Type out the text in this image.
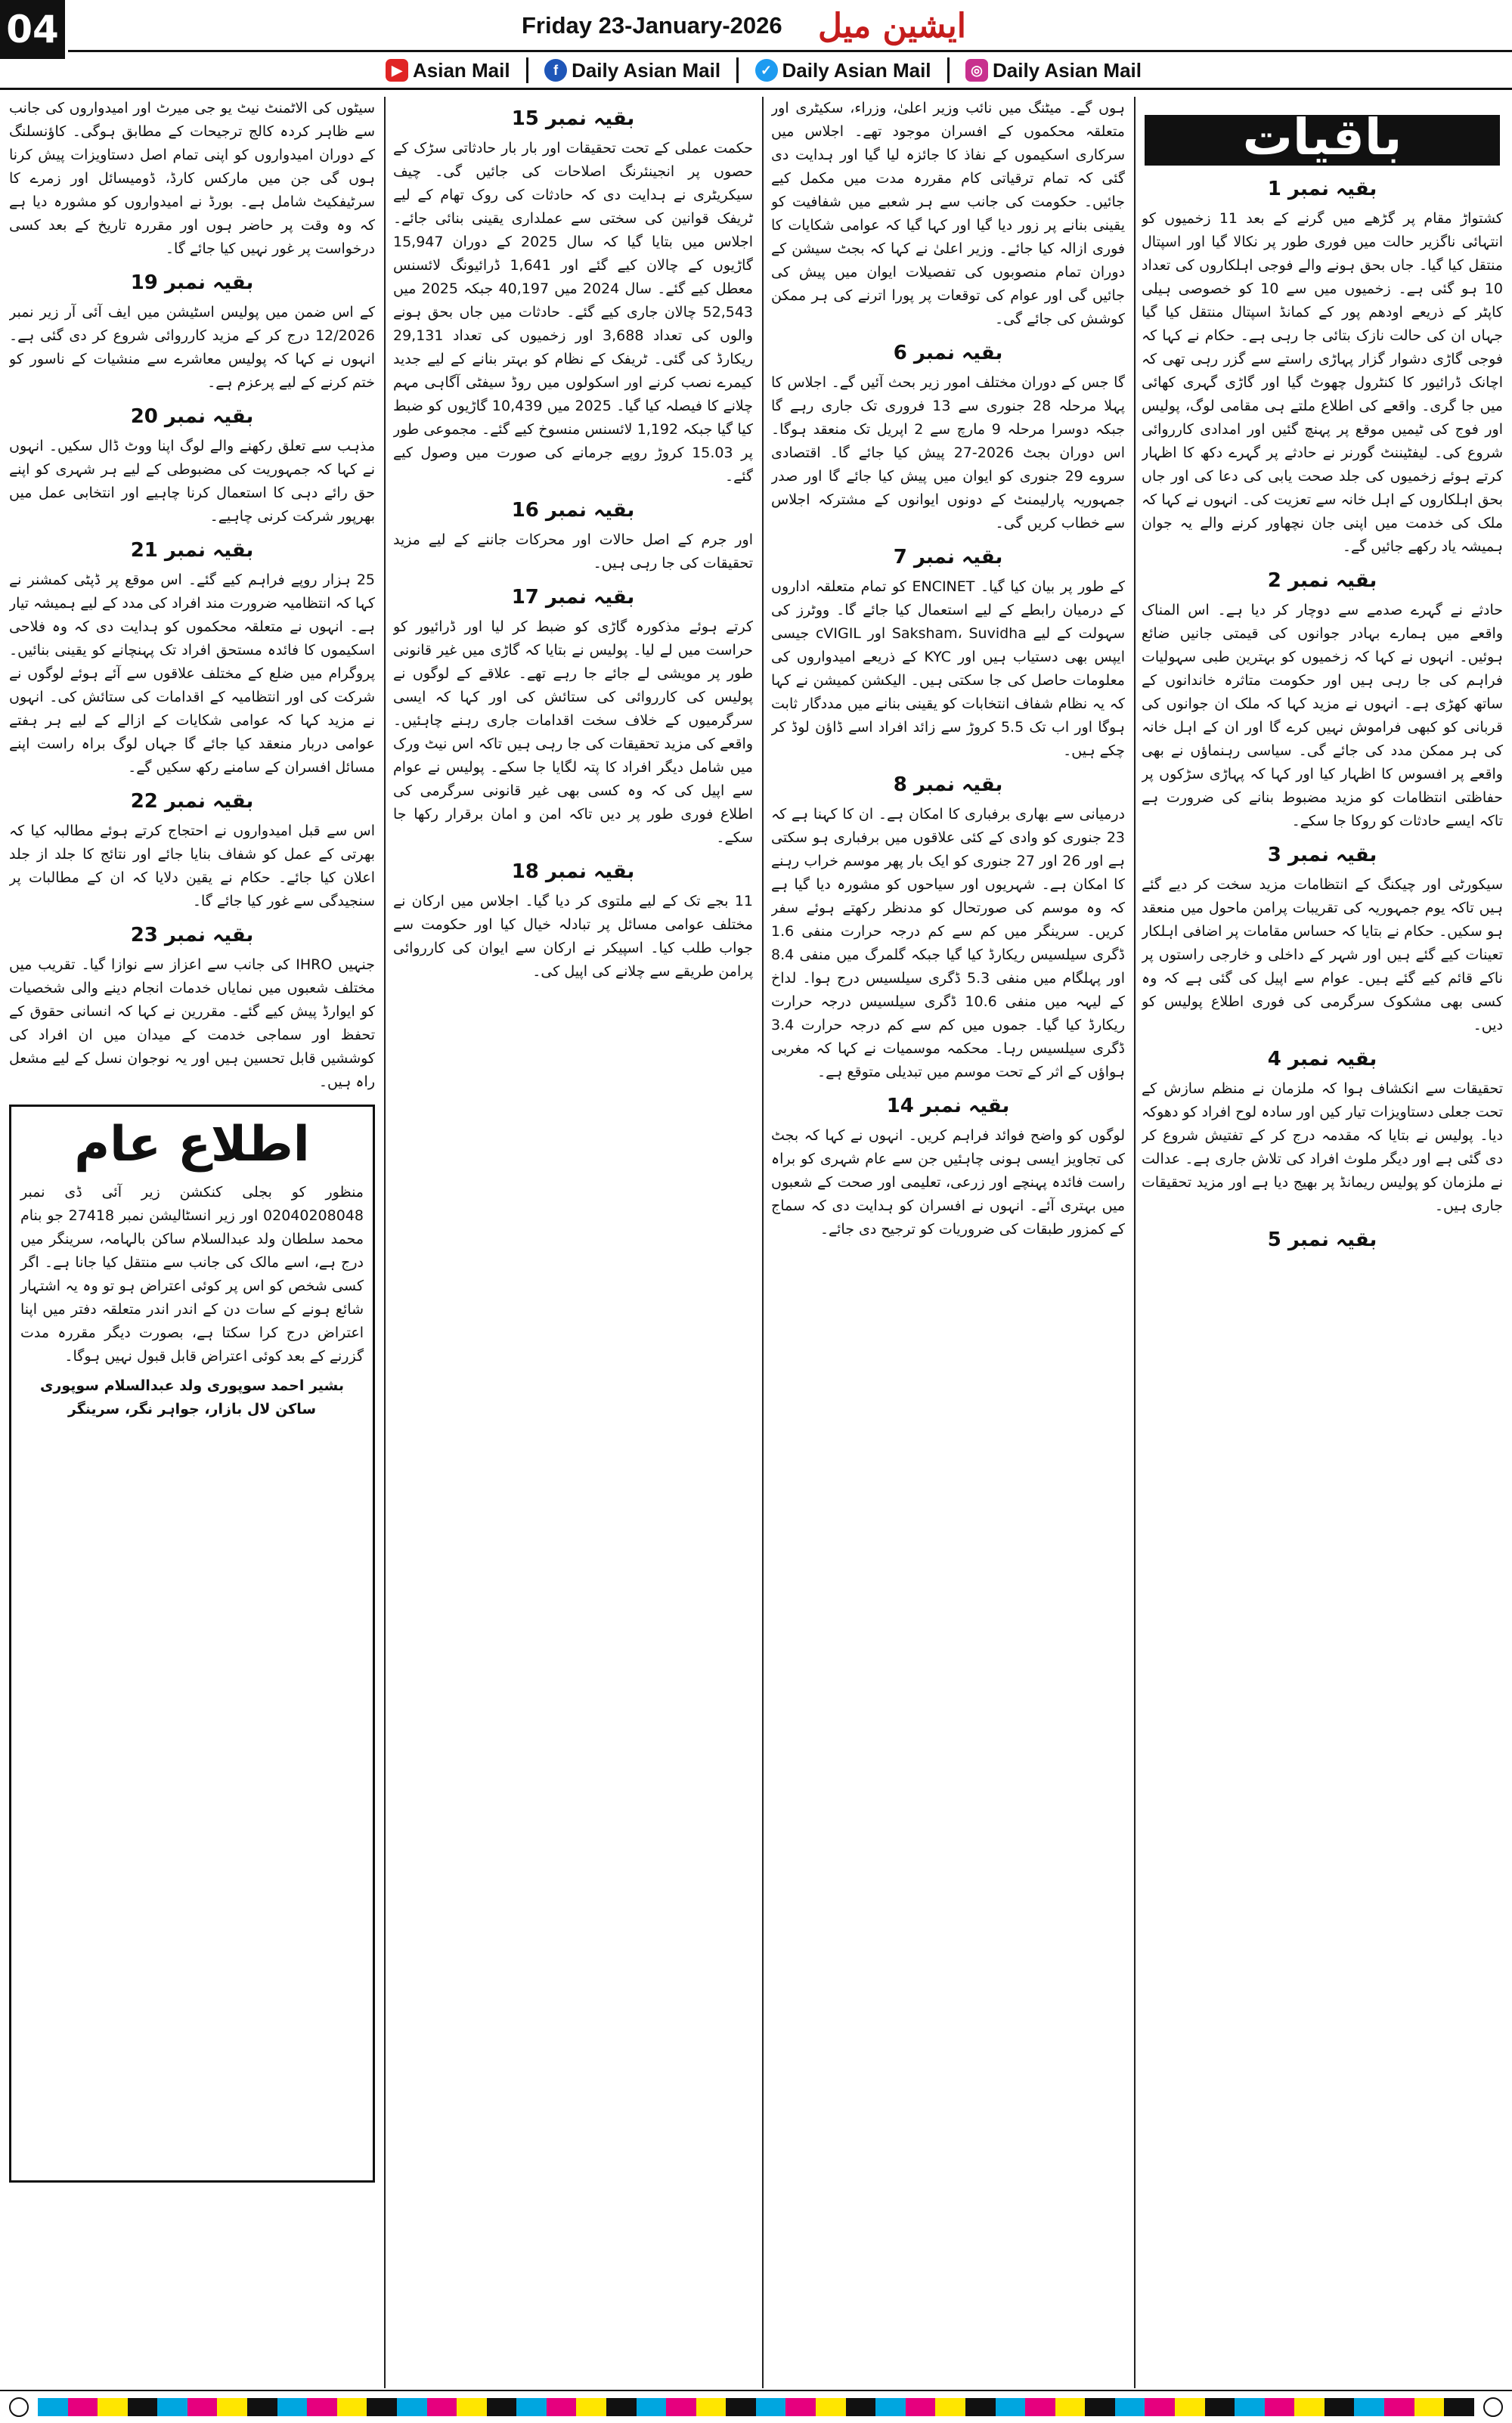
04	Friday 23-January-2026 ایشین میل
▶ Asian Mail	f Daily Asian Mail	✓ Daily Asian Mail	◎ Daily Asian Mail
باقیات
بقیہ نمبر 1

کشتواڑ مقام پر گڑھے میں گرنے کے بعد 11 زخمیوں کو انتہائی ناگزیر حالت میں فوری طور پر نکالا گیا اور اسپتال منتقل کیا گیا۔ جاں بحق ہونے والے فوجی اہلکاروں کی تعداد 10 ہو گئی ہے۔ زخمیوں میں سے 10 کو خصوصی ہیلی کاپٹر کے ذریعے اودھم پور کے کمانڈ اسپتال منتقل کیا گیا جہاں ان کی حالت نازک بتائی جا رہی ہے۔ حکام نے کہا کہ فوجی گاڑی دشوار گزار پہاڑی راستے سے گزر رہی تھی کہ اچانک ڈرائیور کا کنٹرول چھوٹ گیا اور گاڑی گہری کھائی میں جا گری۔ واقعے کی اطلاع ملتے ہی مقامی لوگ، پولیس اور فوج کی ٹیمیں موقع پر پہنچ گئیں اور امدادی کارروائی شروع کی۔ لیفٹیننٹ گورنر نے حادثے پر گہرے دکھ کا اظہار کرتے ہوئے زخمیوں کی جلد صحت یابی کی دعا کی اور جاں بحق اہلکاروں کے اہل خانہ سے تعزیت کی۔ انہوں نے کہا کہ ملک کی خدمت میں اپنی جان نچھاور کرنے والے یہ جوان ہمیشہ یاد رکھے جائیں گے۔

بقیہ نمبر 2

حادثے نے گہرے صدمے سے دوچار کر دیا ہے۔ اس المناک واقعے میں ہمارے بہادر جوانوں کی قیمتی جانیں ضائع ہوئیں۔ انہوں نے کہا کہ زخمیوں کو بہترین طبی سہولیات فراہم کی جا رہی ہیں اور حکومت متاثرہ خاندانوں کے ساتھ کھڑی ہے۔ انہوں نے مزید کہا کہ ملک ان جوانوں کی قربانی کو کبھی فراموش نہیں کرے گا اور ان کے اہل خانہ کی ہر ممکن مدد کی جائے گی۔ سیاسی رہنماؤں نے بھی واقعے پر افسوس کا اظہار کیا اور کہا کہ پہاڑی سڑکوں پر حفاظتی انتظامات کو مزید مضبوط بنانے کی ضرورت ہے تاکہ ایسے حادثات کو روکا جا سکے۔

بقیہ نمبر 3

سیکورٹی اور چیکنگ کے انتظامات مزید سخت کر دیے گئے ہیں تاکہ یوم جمہوریہ کی تقریبات پرامن ماحول میں منعقد ہو سکیں۔ حکام نے بتایا کہ حساس مقامات پر اضافی اہلکار تعینات کیے گئے ہیں اور شہر کے داخلی و خارجی راستوں پر ناکے قائم کیے گئے ہیں۔ عوام سے اپیل کی گئی ہے کہ وہ کسی بھی مشکوک سرگرمی کی فوری اطلاع پولیس کو دیں۔

بقیہ نمبر 4

تحقیقات سے انکشاف ہوا کہ ملزمان نے منظم سازش کے تحت جعلی دستاویزات تیار کیں اور سادہ لوح افراد کو دھوکہ دیا۔ پولیس نے بتایا کہ مقدمہ درج کر کے تفتیش شروع کر دی گئی ہے اور دیگر ملوث افراد کی تلاش جاری ہے۔ عدالت نے ملزمان کو پولیس ریمانڈ پر بھیج دیا ہے اور مزید تحقیقات جاری ہیں۔

بقیہ نمبر 5

ہوں گے۔ میٹنگ میں نائب وزیر اعلیٰ، وزراء، سکیٹری اور متعلقہ محکموں کے افسران موجود تھے۔ اجلاس میں سرکاری اسکیموں کے نفاذ کا جائزہ لیا گیا اور ہدایت دی گئی کہ تمام ترقیاتی کام مقررہ مدت میں مکمل کیے جائیں۔ حکومت کی جانب سے ہر شعبے میں شفافیت کو یقینی بنانے پر زور دیا گیا اور کہا گیا کہ عوامی شکایات کا فوری ازالہ کیا جائے۔ وزیر اعلیٰ نے کہا کہ بجٹ سیشن کے دوران تمام منصوبوں کی تفصیلات ایوان میں پیش کی جائیں گی اور عوام کی توقعات پر پورا اترنے کی ہر ممکن کوشش کی جائے گی۔

بقیہ نمبر 6

گا جس کے دوران مختلف امور زیر بحث آئیں گے۔ اجلاس کا پہلا مرحلہ 28 جنوری سے 13 فروری تک جاری رہے گا جبکہ دوسرا مرحلہ 9 مارچ سے 2 اپریل تک منعقد ہوگا۔ اس دوران بجٹ 2026-27 پیش کیا جائے گا۔ اقتصادی سروے 29 جنوری کو ایوان میں پیش کیا جائے گا اور صدر جمہوریہ پارلیمنٹ کے دونوں ایوانوں کے مشترکہ اجلاس سے خطاب کریں گی۔

بقیہ نمبر 7

کے طور پر بیان کیا گیا۔ ENCINET کو تمام متعلقہ اداروں کے درمیان رابطے کے لیے استعمال کیا جائے گا۔ ووٹرز کی سہولت کے لیے Saksham، Suvidha اور cVIGIL جیسی ایپس بھی دستیاب ہیں اور KYC کے ذریعے امیدواروں کی معلومات حاصل کی جا سکتی ہیں۔ الیکشن کمیشن نے کہا کہ یہ نظام شفاف انتخابات کو یقینی بنانے میں مددگار ثابت ہوگا اور اب تک 5.5 کروڑ سے زائد افراد اسے ڈاؤن لوڈ کر چکے ہیں۔

بقیہ نمبر 8

درمیانی سے بھاری برفباری کا امکان ہے۔ ان کا کہنا ہے کہ 23 جنوری کو وادی کے کئی علاقوں میں برفباری ہو سکتی ہے اور 26 اور 27 جنوری کو ایک بار پھر موسم خراب رہنے کا امکان ہے۔ شہریوں اور سیاحوں کو مشورہ دیا گیا ہے کہ وہ موسم کی صورتحال کو مدنظر رکھتے ہوئے سفر کریں۔ سرینگر میں کم سے کم درجہ حرارت منفی 1.6 ڈگری سیلسیس ریکارڈ کیا گیا جبکہ گلمرگ میں منفی 8.4 اور پہلگام میں منفی 5.3 ڈگری سیلسیس درج ہوا۔ لداخ کے لیہہ میں منفی 10.6 ڈگری سیلسیس درجہ حرارت ریکارڈ کیا گیا۔ جموں میں کم سے کم درجہ حرارت 3.4 ڈگری سیلسیس رہا۔ محکمہ موسمیات نے کہا کہ مغربی ہواؤں کے اثر کے تحت موسم میں تبدیلی متوقع ہے۔

بقیہ نمبر 14

لوگوں کو واضح فوائد فراہم کریں۔ انہوں نے کہا کہ بجٹ کی تجاویز ایسی ہونی چاہئیں جن سے عام شہری کو براہ راست فائدہ پہنچے اور زرعی، تعلیمی اور صحت کے شعبوں میں بہتری آئے۔ انہوں نے افسران کو ہدایت دی کہ سماج کے کمزور طبقات کی ضروریات کو ترجیح دی جائے۔

بقیہ نمبر 15

حکمت عملی کے تحت تحقیقات اور بار بار حادثاتی سڑک کے حصوں پر انجینئرنگ اصلاحات کی جائیں گی۔ چیف سیکریٹری نے ہدایت دی کہ حادثات کی روک تھام کے لیے ٹریفک قوانین کی سختی سے عملداری یقینی بنائی جائے۔ اجلاس میں بتایا گیا کہ سال 2025 کے دوران 15,947 گاڑیوں کے چالان کیے گئے اور 1,641 ڈرائیونگ لائسنس معطل کیے گئے۔ سال 2024 میں 40,197 جبکہ 2025 میں 52,543 چالان جاری کیے گئے۔ حادثات میں جاں بحق ہونے والوں کی تعداد 3,688 اور زخمیوں کی تعداد 29,131 ریکارڈ کی گئی۔ ٹریفک کے نظام کو بہتر بنانے کے لیے جدید کیمرے نصب کرنے اور اسکولوں میں روڈ سیفٹی آگاہی مہم چلانے کا فیصلہ کیا گیا۔ 2025 میں 10,439 گاڑیوں کو ضبط کیا گیا جبکہ 1,192 لائسنس منسوخ کیے گئے۔ مجموعی طور پر 15.03 کروڑ روپے جرمانے کی صورت میں وصول کیے گئے۔

بقیہ نمبر 16

اور جرم کے اصل حالات اور محرکات جاننے کے لیے مزید تحقیقات کی جا رہی ہیں۔

بقیہ نمبر 17

کرتے ہوئے مذکورہ گاڑی کو ضبط کر لیا اور ڈرائیور کو حراست میں لے لیا۔ پولیس نے بتایا کہ گاڑی میں غیر قانونی طور پر مویشی لے جائے جا رہے تھے۔ علاقے کے لوگوں نے پولیس کی کارروائی کی ستائش کی اور کہا کہ ایسی سرگرمیوں کے خلاف سخت اقدامات جاری رہنے چاہئیں۔ واقعے کی مزید تحقیقات کی جا رہی ہیں تاکہ اس نیٹ ورک میں شامل دیگر افراد کا پتہ لگایا جا سکے۔ پولیس نے عوام سے اپیل کی کہ وہ کسی بھی غیر قانونی سرگرمی کی اطلاع فوری طور پر دیں تاکہ امن و امان برقرار رکھا جا سکے۔

بقیہ نمبر 18

11 بجے تک کے لیے ملتوی کر دیا گیا۔ اجلاس میں ارکان نے مختلف عوامی مسائل پر تبادلہ خیال کیا اور حکومت سے جواب طلب کیا۔ اسپیکر نے ارکان سے ایوان کی کارروائی پرامن طریقے سے چلانے کی اپیل کی۔

سیٹوں کی الاٹمنٹ نیٹ یو جی میرٹ اور امیدواروں کی جانب سے ظاہر کردہ کالج ترجیحات کے مطابق ہوگی۔ کاؤنسلنگ کے دوران امیدواروں کو اپنی تمام اصل دستاویزات پیش کرنا ہوں گی جن میں مارکس کارڈ، ڈومیسائل اور زمرے کا سرٹیفکیٹ شامل ہے۔ بورڈ نے امیدواروں کو مشورہ دیا ہے کہ وہ وقت پر حاضر ہوں اور مقررہ تاریخ کے بعد کسی درخواست پر غور نہیں کیا جائے گا۔

بقیہ نمبر 19

کے اس ضمن میں پولیس اسٹیشن میں ایف آئی آر زیر نمبر 12/2026 درج کر کے مزید کارروائی شروع کر دی گئی ہے۔ انہوں نے کہا کہ پولیس معاشرے سے منشیات کے ناسور کو ختم کرنے کے لیے پرعزم ہے۔

بقیہ نمبر 20

مذہب سے تعلق رکھنے والے لوگ اپنا ووٹ ڈال سکیں۔ انہوں نے کہا کہ جمہوریت کی مضبوطی کے لیے ہر شہری کو اپنے حق رائے دہی کا استعمال کرنا چاہیے اور انتخابی عمل میں بھرپور شرکت کرنی چاہیے۔

بقیہ نمبر 21

25 ہزار روپے فراہم کیے گئے۔ اس موقع پر ڈپٹی کمشنر نے کہا کہ انتظامیہ ضرورت مند افراد کی مدد کے لیے ہمیشہ تیار ہے۔ انہوں نے متعلقہ محکموں کو ہدایت دی کہ وہ فلاحی اسکیموں کا فائدہ مستحق افراد تک پہنچانے کو یقینی بنائیں۔ پروگرام میں ضلع کے مختلف علاقوں سے آئے ہوئے لوگوں نے شرکت کی اور انتظامیہ کے اقدامات کی ستائش کی۔ انہوں نے مزید کہا کہ عوامی شکایات کے ازالے کے لیے ہر ہفتے عوامی دربار منعقد کیا جائے گا جہاں لوگ براہ راست اپنے مسائل افسران کے سامنے رکھ سکیں گے۔

بقیہ نمبر 22

اس سے قبل امیدواروں نے احتجاج کرتے ہوئے مطالبہ کیا کہ بھرتی کے عمل کو شفاف بنایا جائے اور نتائج کا جلد از جلد اعلان کیا جائے۔ حکام نے یقین دلایا کہ ان کے مطالبات پر سنجیدگی سے غور کیا جائے گا۔

بقیہ نمبر 23

جنہیں IHRO کی جانب سے اعزاز سے نوازا گیا۔ تقریب میں مختلف شعبوں میں نمایاں خدمات انجام دینے والی شخصیات کو ایوارڈ پیش کیے گئے۔ مقررین نے کہا کہ انسانی حقوق کے تحفظ اور سماجی خدمت کے میدان میں ان افراد کی کوششیں قابل تحسین ہیں اور یہ نوجوان نسل کے لیے مشعل راہ ہیں۔

اطلاع عام

منظور کو بجلی کنکشن زیر آئی ڈی نمبر 02040208048 اور زیر انسٹالیشن نمبر 27418 جو بنام محمد سلطان ولد عبدالسلام ساکن بالہامہ، سرینگر میں درج ہے، اسے مالک کی جانب سے منتقل کیا جانا ہے۔ اگر کسی شخص کو اس پر کوئی اعتراض ہو تو وہ یہ اشتہار شائع ہونے کے سات دن کے اندر اندر متعلقہ دفتر میں اپنا اعتراض درج کرا سکتا ہے، بصورت دیگر مقررہ مدت گزرنے کے بعد کوئی اعتراض قابل قبول نہیں ہوگا۔

بشیر احمد سوپوری ولد عبدالسلام سوپوری
ساکن لال بازار، جواہر نگر، سرینگر
